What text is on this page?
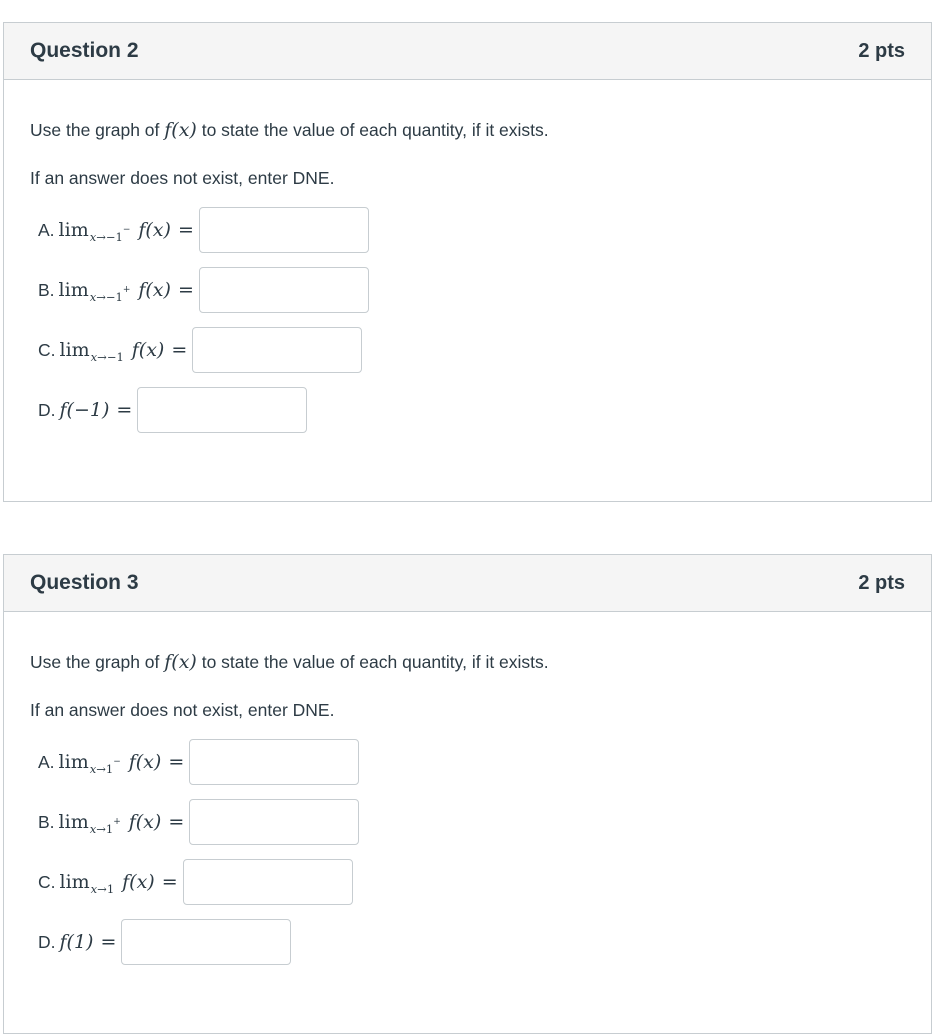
Question 2	2 pts
Use the graph of f(x) to state the value of each quantity, if it exists.
If an answer does not exist, enter DNE.
A. lim x→−1− f(x) =
B. lim x→−1+ f(x) =
C. lim x→−1 f(x) =
D. f(−1) =
Question 3	2 pts
Use the graph of f(x) to state the value of each quantity, if it exists.
If an answer does not exist, enter DNE.
A. lim x→1− f(x) =
B. lim x→1+ f(x) =
C. lim x→1 f(x) =
D. f(1) =
